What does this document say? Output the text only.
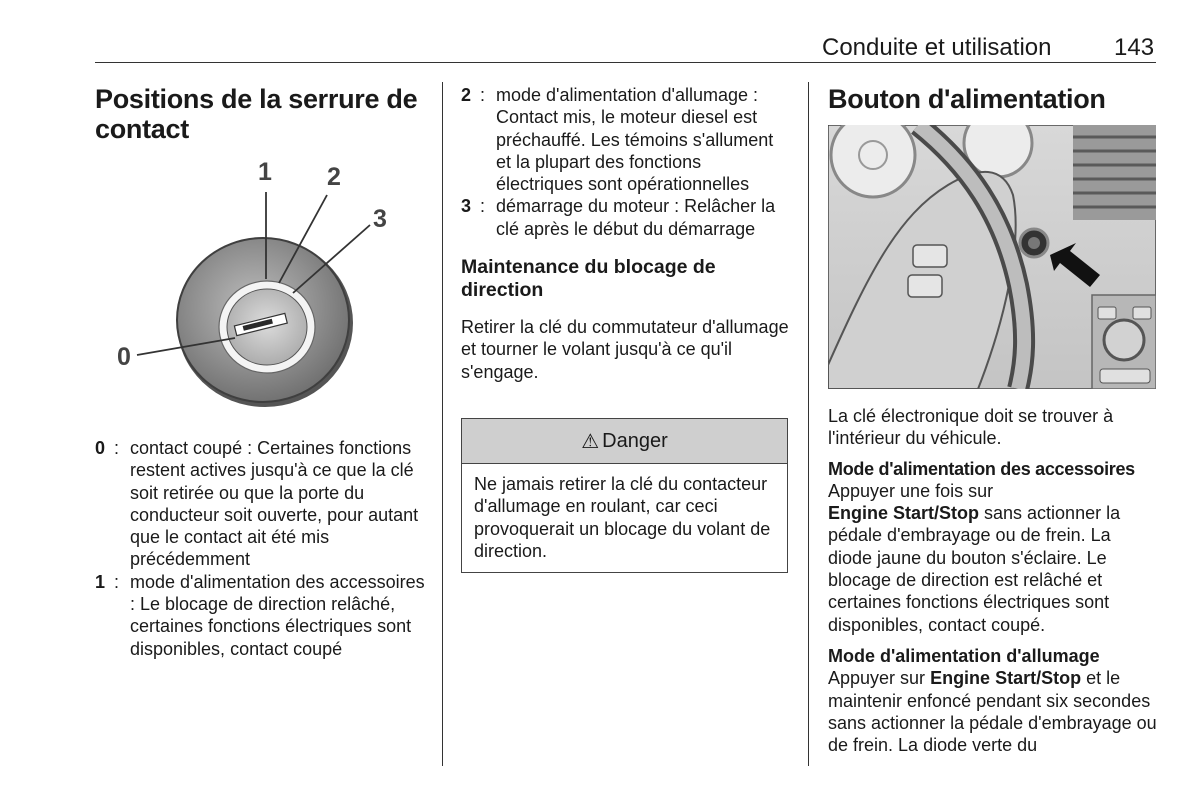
Conduite et utilisation	143
Positions de la serrure de contact
1 2
3
0
0 : contact coupé : Certaines fonctions restent actives jusqu'à ce que la clé soit retirée ou que la porte du conducteur soit ouverte, pour autant que le contact ait été mis précédemment
1 : mode d'alimentation des accessoires : Le blocage de direction relâché, certaines fonctions électriques sont disponibles, contact coupé
2 : mode d'alimentation d'allumage : Contact mis, le moteur diesel est préchauffé. Les témoins s'allument et la plupart des fonctions électriques sont opérationnelles
3 : démarrage du moteur : Relâcher la clé après le début du démarrage
Maintenance du blocage de direction

Retirer la clé du commutateur d'allumage et tourner le volant jusqu'à ce qu'il s'engage.

⚠ Danger
Ne jamais retirer la clé du contacteur d'allumage en roulant, car ceci provoquerait un blocage du volant de direction.
Bouton d'alimentation

La clé électronique doit se trouver à l'intérieur du véhicule.

Mode d'alimentation des accessoires

Appuyer une fois sur
Engine Start/Stop sans actionner la pédale d'embrayage ou de frein. La diode jaune du bouton s'éclaire. Le blocage de direction est relâché et certaines fonctions électriques sont disponibles, contact coupé.

Mode d'alimentation d'allumage

Appuyer sur Engine Start/Stop et le maintenir enfoncé pendant six secondes sans actionner la pédale d'embrayage ou de frein. La diode verte du
